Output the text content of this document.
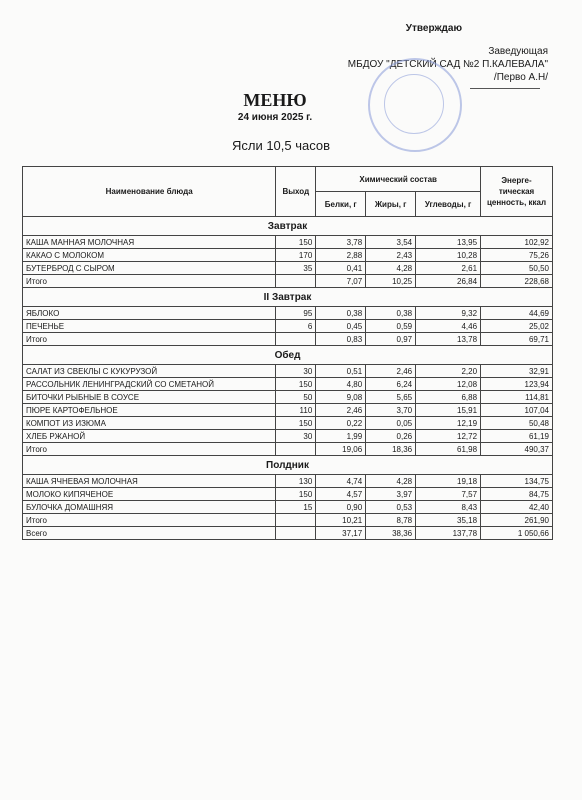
Утверждаю
Заведующая
МБДОУ "ДЕТСКИЙ САД №2 П.КАЛЕВАЛА"
/Перво А.Н/
МЕНЮ
24 июня 2025 г.
Ясли 10,5 часов
Наименование блюда	Выход	Химический состав			Энерге-тическая ценность, ккал
		Белки, г	Жиры, г	Углеводы, г	
Завтрак					
КАША МАННАЯ МОЛОЧНАЯ	150	3,78	3,54	13,95	102,92
КАКАО С МОЛОКОМ	170	2,88	2,43	10,28	75,26
БУТЕРБРОД С СЫРОМ	35	0,41	4,28	2,61	50,50
Итого		7,07	10,25	26,84	228,68
II Завтрак					
ЯБЛОКО	95	0,38	0,38	9,32	44,69
ПЕЧЕНЬЕ	6	0,45	0,59	4,46	25,02
Итого		0,83	0,97	13,78	69,71
Обед					
САЛАТ ИЗ СВЕКЛЫ С КУКУРУЗОЙ	30	0,51	2,46	2,20	32,91
РАССОЛЬНИК ЛЕНИНГРАДСКИЙ СО СМЕТАНОЙ	150	4,80	6,24	12,08	123,94
БИТОЧКИ РЫБНЫЕ В СОУСЕ	50	9,08	5,65	6,88	114,81
ПЮРЕ КАРТОФЕЛЬНОЕ	110	2,46	3,70	15,91	107,04
КОМПОТ ИЗ ИЗЮМА	150	0,22	0,05	12,19	50,48
ХЛЕБ РЖАНОЙ	30	1,99	0,26	12,72	61,19
Итого		19,06	18,36	61,98	490,37
Полдник					
КАША ЯЧНЕВАЯ МОЛОЧНАЯ	130	4,74	4,28	19,18	134,75
МОЛОКО КИПЯЧЕНОЕ	150	4,57	3,97	7,57	84,75
БУЛОЧКА ДОМАШНЯЯ	15	0,90	0,53	8,43	42,40
Итого		10,21	8,78	35,18	261,90
Всего		37,17	38,36	137,78	1 050,66
